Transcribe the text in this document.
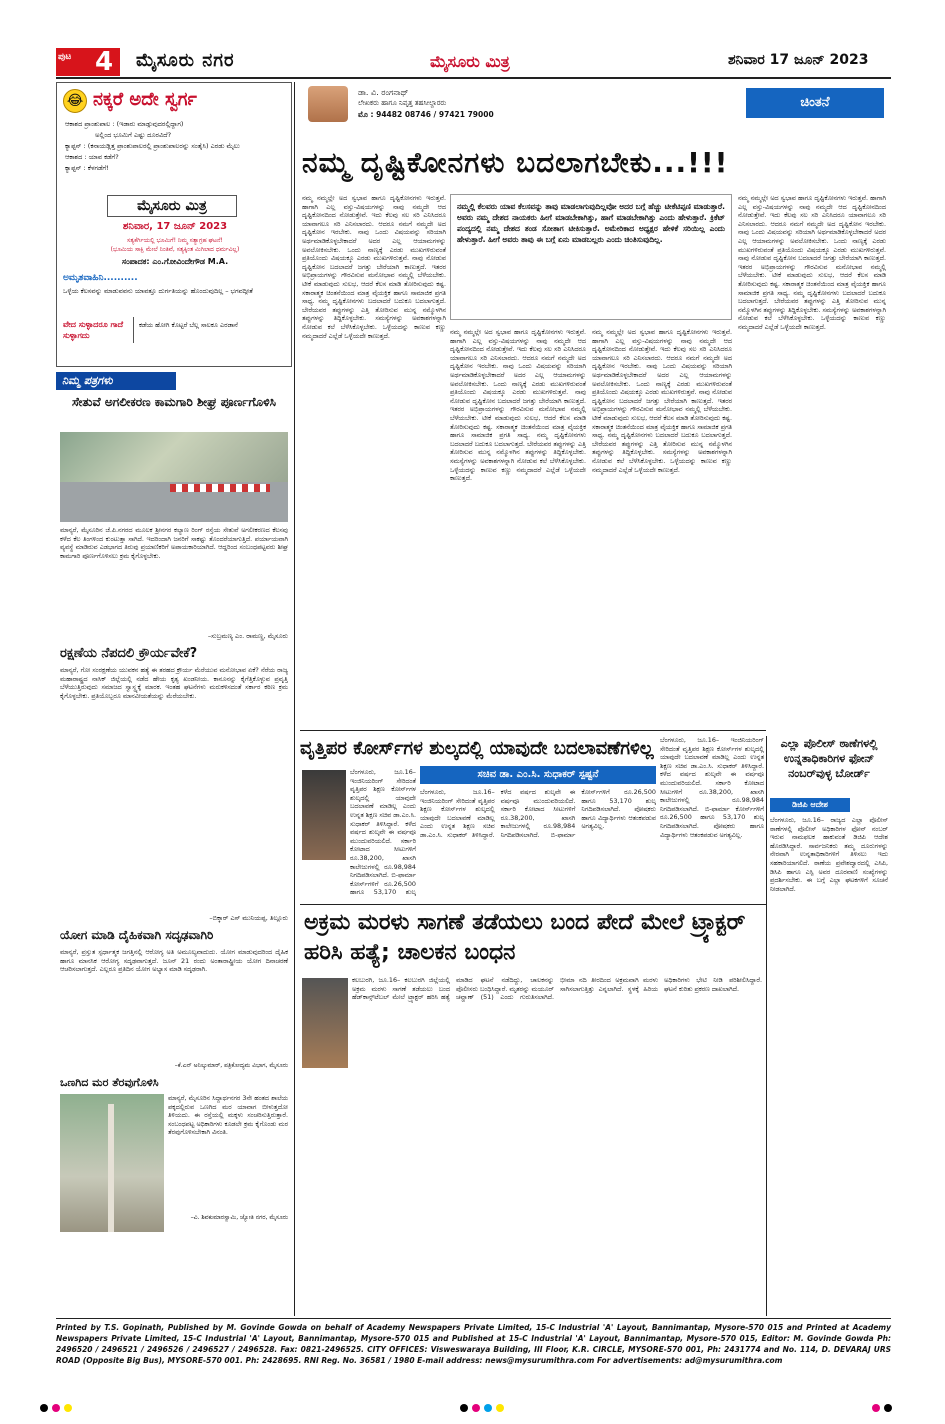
ಪುಟ 4	ಮೈಸೂರು ನಗರ	ಮೈಸೂರು ಮಿತ್ರ	ಶನಿವಾರ 17 ಜೂನ್ 2023
😂 ನಕ್ಕರೆ ಅದೇ ಸ್ವರ್ಗ
ಆಕಾಶದ ಪ್ರಾಂಶುಪಾಲ : (ಇಡಾರು ಮಾಡ್ಗುವುದರಲ್ಲಿದ್ದಾಗ)
ಅಲ್ಲಿಂದ ಭೂಮಿಗೆ ಎಷ್ಟು ದೂರವಿದೆ?
ಕ್ಯಾಪ್ಟನ್ : (ಕನಾಯಡ್ಲಿತ್ತ ಪ್ರಾಂಶುಪಾಲರಲ್ಲಿ ಪ್ರಾಂಶುಪಾಲರನ್ನು ಸಂತೈಸಿ) ಎರಡು ಮೈಲು
ಆಕಾಶದ : ಯಾವ ಕಡೆಗೆ?
ಕ್ಯಾಪ್ಟನ್ : ಕೆಳಗಡೆಗೆ!
ಮೈಸೂರು ಮಿತ್ರ
ಶನಿವಾರ, 17 ಜೂನ್ 2023
ಸತ್ಯಕೆರ್ಗಿಯಲ್ಲಿ ಭೂಮಿಗೆ! ನಿಮ್ಮ ಸತ್ಯಾಗ್ರಹ ಘಟನೆ!
(ಭೂಮಿಯ ಸಾಕ್ಷಿ ಮೇಲೆ ನಿಂತಿವೆ, ಸತ್ಯಕ್ಕಿಂತ ಮಿಗಿಲಾದ ಧರ್ಮವಿಲ್ಲ)
ಸಂಪಾದಕ: ಎಂ.ಗೋವಿಂದೇಗೌಡ M.A.
ಅಮೃತವಾಹಿನಿ..........
ಒಳ್ಳೆಯ ಕೆಲಸವನ್ನು ಮಾಡುವವನು ಯಾವತ್ತೂ ದುರ್ಗತಿಯನ್ನು ಹೊಂದುವುದಿಲ್ಲ – ಭಗವದ್ಗೀತೆ
ವೇದ ಸುಳ್ಳಾದರೂ ಗಾದೆ ಸುಳ್ಳಾಗದು
ಕಡೆಯ ಹೋಗಿ ಕೊಟ್ಟರೆ ಬೆಲ್ಲ ಸಾಲಕೂ ಎರಡಾನೆ
ನಿಮ್ಮ ಪತ್ರಗಳು
ಸೇತುವೆ ಅಗಲೀಕರಣ ಕಾಮಗಾರಿ ಶೀಘ್ರ ಪೂರ್ಣಗೊಳಿಸಿ
ಮಾನ್ಯರೆ, ಮೈಸೂರಿನ ಜೆ.ಪಿ.ನಗರದ ಮೂಲಕ ಶ್ರೀನಗರ ಕಲ್ಯಾಣ ರಿಂಗ್ ರಸ್ತೆಯ ಸೇತುವೆ ಅಗಲೀಕರಣದ ಕೆಲಸವು ಕಳೆದ ಕೆಲ ತಿಂಗಳಿಂದ ಕುಂಟುತ್ತಾ ಸಾಗಿದೆ. ಇದರಿಂದಾಗಿ ಜನರಿಗೆ ಸಾಕಷ್ಟು ತೊಂದರೆಯಾಗುತ್ತಿದೆ. ಪರ್ಯಾಯವಾಗಿ ವ್ಯವಸ್ಥೆ ಮಾಡಿರುವ ಎಡಭಾಗದ ತಿರುವು ಪ್ರಯಾಣಿಕರಿಗೆ ಅಪಾಯಕಾರಿಯಾಗಿದೆ. ಆದ್ದರಿಂದ ಸಂಬಂಧಪಟ್ಟವರು ಶೀಘ್ರ ಕಾಮಗಾರಿ ಪೂರ್ಣಗೊಳಿಸಲು ಕ್ರಮ ಕೈಗೊಳ್ಳಬೇಕು.
–ಸುಬ್ರಮಣ್ಯ ಎಂ. ರಾಮಣ್ಣ, ಮೈಸೂರು
ರಕ್ಷಣೆಯ ನೆಪದಲಿ ಕ್ರೌರ್ಯವೇಕೆ?
ಮಾನ್ಯರೆ, ಗೋ ಸಂರಕ್ಷಣೆಯ ಯುವಕನ ಹತ್ಯೆ ಈ ತರಹದ ಕ್ರೌರ್ಯ ಮೆರೆಯುವ ಮನೋಭಾವ ಏಕೆ? ನೆರೆಯ ರಾಜ್ಯ ಮಹಾರಾಷ್ಟ್ರದ ನಾಸಿಕ್ ಜಿಲ್ಲೆಯಲ್ಲಿ ನಡೆದ ಹೇಯ ಕೃತ್ಯ ಖಂಡನೀಯ. ಕಾನೂನನ್ನು ಕೈಗೆತ್ತಿಕೊಳ್ಳುವ ಪ್ರವೃತ್ತಿ ಬೆಳೆಯುತ್ತಿರುವುದು ಸಮಾಜದ ಸ್ವಾಸ್ಥ್ಯಕ್ಕೆ ಮಾರಕ. ಇಂತಹ ಘಟನೆಗಳು ಮರುಕಳಿಸದಂತೆ ಸರ್ಕಾರ ಕಠಿಣ ಕ್ರಮ ಕೈಗೊಳ್ಳಬೇಕು. ಪ್ರತಿಯೊಬ್ಬರೂ ಮಾನವೀಯತೆಯನ್ನು ಮೆರೆಯಬೇಕು.
–ಬಿಕ್ಕಾರ್ ಎಸ್ ಮುನಿಯಪ್ಪ, ತಿಲ್ಲೂರು
ಯೋಗ ಮಾಡಿ ದೈಹಿಕವಾಗಿ ಸದೃಢವಾಗಿರಿ
ಮಾನ್ಯರೆ, ಪ್ರಸ್ತುತ ಸ್ಪರ್ಧಾತ್ಮಕ ಜಗತ್ತಿನಲ್ಲಿ ಆರೋಗ್ಯ ಅತಿ ಅಮೂಲ್ಯವಾದುದು. ಯೋಗ ಮಾಡುವುದರಿಂದ ದೈಹಿಕ ಹಾಗೂ ಮಾನಸಿಕ ಆರೋಗ್ಯ ಸದೃಢವಾಗುತ್ತದೆ. ಜೂನ್ 21 ರಂದು ಅಂತಾರಾಷ್ಟ್ರೀಯ ಯೋಗ ದಿನಾಚರಣೆ ಆಚರಿಸಲಾಗುತ್ತದೆ. ಎಲ್ಲರೂ ಪ್ರತಿದಿನ ಯೋಗ ಅಭ್ಯಾಸ ಮಾಡಿ ಸದೃಢರಾಗಿ.
–ಕೆ.ಎನ್ ಅನಿಲ್ಕುಮಾರ್, ಪತ್ರಿಕೋದ್ಯಮ ವಿಭಾಗ, ಮೈಸೂರು
ಒಣಗಿದ ಮರ ತೆರವುಗೊಳಿಸಿ
ಮಾನ್ಯರೆ, ಮೈಸೂರಿನ ಸಿದ್ದಾರ್ಥನಗರ 3ನೇ ಹಂತದ ಶಾಲೆಯ ಪಕ್ಕದಲ್ಲಿರುವ ಒಣಗಿದ ಮರ ಯಾವಾಗ ಬೀಳುತ್ತದೋ ತಿಳಿಯದು. ಈ ರಸ್ತೆಯಲ್ಲಿ ಮಕ್ಕಳು ಸಂಚರಿಸುತ್ತಿರುತ್ತಾರೆ. ಸಂಬಂಧಪಟ್ಟ ಅಧಿಕಾರಿಗಳು ಕೂಡಲೇ ಕ್ರಮ ಕೈಗೊಂಡು ಮರ ತೆರವುಗೊಳಿಸಬೇಕಾಗಿ ವಿನಂತಿ.
–ವಿ. ಶಿವಕುಮಾರಸ್ವಾಮಿ, ಜ್ಯೋತಿ ನಗರ, ಮೈಸೂರು
ಡಾ. ವಿ. ರಂಗನಾಥ್
ಲೇಖಕರು ಹಾಗೂ ನಿವೃತ್ತ ತಹಸೀಲ್ದಾರರು
ಮೊ : 94482 08746 / 97421 79000
ಚಿಂತನೆ
ನಮ್ಮ ದೃಷ್ಟಿಕೋನಗಳು ಬದಲಾಗಬೇಕು...!!!
ನಮ್ಮ ನಮ್ಮಲ್ಲೇ ಅದ ಸ್ವಭಾವ ಹಾಗೂ ದೃಷ್ಟಿಕೋನಗಳು ಇರುತ್ತವೆ. ಹಾಗಾಗಿ ಎಲ್ಲ ವಸ್ತು-ವಿಷಯಗಳನ್ನು ನಾವು ನಮ್ಮದೇ ಆದ ದೃಷ್ಟಿಕೋನದಿಂದ ನೋಡುತ್ತೇವೆ. ಇದು ಕೆಲವು ಸಲ ಸರಿ ಎನಿಸಿದರೂ ಯಾವಾಗಲೂ ಸರಿ ಎನಿಸಲಾರದು. ಆದರೂ ನಮಗೆ ನಮ್ಮದೇ ಅದ ದೃಷ್ಟಿಕೋನ ಇರಬೇಕು. ನಾವು ಒಂದು ವಿಷಯವನ್ನು ಸರಿಯಾಗಿ ಅರ್ಥಮಾಡಿಕೊಳ್ಳಬೇಕಾದರೆ ಅದರ ಎಲ್ಲ ಆಯಾಮಗಳನ್ನು ಅವಲೋಕಿಸಬೇಕು. ಒಂದು ನಾಣ್ಯಕ್ಕೆ ಎರಡು ಮುಖಗಳಿರುವಂತೆ ಪ್ರತಿಯೊಂದು ವಿಷಯಕ್ಕೂ ಎರಡು ಮುಖಗಳಿರುತ್ತವೆ. ನಾವು ನೋಡುವ ದೃಷ್ಟಿಕೋನ ಬದಲಾದರೆ ಜಗತ್ತು ಬೇರೆಯಾಗಿ ಕಾಣುತ್ತದೆ. ಇತರರ ಅಭಿಪ್ರಾಯಗಳನ್ನು ಗೌರವಿಸುವ ಮನೋಭಾವ ನಮ್ಮಲ್ಲಿ ಬೆಳೆಯಬೇಕು. ಟೀಕೆ ಮಾಡುವುದು ಸುಲಭ, ಆದರೆ ಕೆಲಸ ಮಾಡಿ ತೋರಿಸುವುದು ಕಷ್ಟ. ಸಕಾರಾತ್ಮಕ ಚಿಂತನೆಯಿಂದ ಮಾತ್ರ ವೈಯಕ್ತಿಕ ಹಾಗೂ ಸಾಮಾಜಿಕ ಪ್ರಗತಿ ಸಾಧ್ಯ. ನಮ್ಮ ದೃಷ್ಟಿಕೋನಗಳು ಬದಲಾದರೆ ಬದುಕೂ ಬದಲಾಗುತ್ತದೆ. ಬೇರೆಯವರ ತಪ್ಪುಗಳನ್ನು ಎತ್ತಿ ತೋರಿಸುವ ಮುನ್ನ ನಮ್ಮೊಳಗಿನ ತಪ್ಪುಗಳನ್ನು ತಿದ್ದಿಕೊಳ್ಳಬೇಕು. ಸಮಸ್ಯೆಗಳನ್ನು ಅವಕಾಶಗಳನ್ನಾಗಿ ನೋಡುವ ಕಲೆ ಬೆಳೆಸಿಕೊಳ್ಳಬೇಕು. ಒಳ್ಳೆಯದನ್ನು ಕಾಣುವ ಕಣ್ಣು ನಮ್ಮದಾದರೆ ಎಲ್ಲೆಡೆ ಒಳ್ಳೆಯದೇ ಕಾಣುತ್ತದೆ.
ನಮ್ಮಲ್ಲಿ ಕೆಲವರು ಯಾವ ಕೆಲಸವನ್ನು ತಾವು ಮಾಡಲಾಗುವುದಿಲ್ಲವೋ ಅದರ ಬಗ್ಗೆ ಹೆಚ್ಚು ಟೀಕೆಟಿಪ್ಪಣಿ ಮಾಡುತ್ತಾರೆ. ಅವರು ನಮ್ಮ ದೇಶದ ನಾಯಕರು ಹೀಗೆ ಮಾಡಬೇಕಾಗಿತ್ತು, ಹಾಗೆ ಮಾಡಬೇಕಾಗಿತ್ತು ಎಂದು ಹೇಳುತ್ತಾರೆ. ಕ್ರಿಕೆಟ್ ಪಂದ್ಯದಲ್ಲಿ ನಮ್ಮ ದೇಶದ ತಂಡ ಸೋತಾಗ ಟೀಕಿಸುತ್ತಾರೆ. ಅಮೇರಿಕಾದ ಅಧ್ಯಕ್ಷರ ಹೇಳಿಕೆ ಸರಿಯಿಲ್ಲ ಎಂದು ಹೇಳುತ್ತಾರೆ. ಹೀಗೆ ಅವರು ತಾವು ಈ ಬಗ್ಗೆ ಏನು ಮಾಡಬಲ್ಲರು ಎಂದು ಚಿಂತಿಸುವುದಿಲ್ಲ.
ನಮ್ಮ ನಮ್ಮಲ್ಲೇ ಅದ ಸ್ವಭಾವ ಹಾಗೂ ದೃಷ್ಟಿಕೋನಗಳು ಇರುತ್ತವೆ. ಹಾಗಾಗಿ ಎಲ್ಲ ವಸ್ತು-ವಿಷಯಗಳನ್ನು ನಾವು ನಮ್ಮದೇ ಆದ ದೃಷ್ಟಿಕೋನದಿಂದ ನೋಡುತ್ತೇವೆ. ಇದು ಕೆಲವು ಸಲ ಸರಿ ಎನಿಸಿದರೂ ಯಾವಾಗಲೂ ಸರಿ ಎನಿಸಲಾರದು. ಆದರೂ ನಮಗೆ ನಮ್ಮದೇ ಅದ ದೃಷ್ಟಿಕೋನ ಇರಬೇಕು. ನಾವು ಒಂದು ವಿಷಯವನ್ನು ಸರಿಯಾಗಿ ಅರ್ಥಮಾಡಿಕೊಳ್ಳಬೇಕಾದರೆ ಅದರ ಎಲ್ಲ ಆಯಾಮಗಳನ್ನು ಅವಲೋಕಿಸಬೇಕು. ಒಂದು ನಾಣ್ಯಕ್ಕೆ ಎರಡು ಮುಖಗಳಿರುವಂತೆ ಪ್ರತಿಯೊಂದು ವಿಷಯಕ್ಕೂ ಎರಡು ಮುಖಗಳಿರುತ್ತವೆ. ನಾವು ನೋಡುವ ದೃಷ್ಟಿಕೋನ ಬದಲಾದರೆ ಜಗತ್ತು ಬೇರೆಯಾಗಿ ಕಾಣುತ್ತದೆ. ಇತರರ ಅಭಿಪ್ರಾಯಗಳನ್ನು ಗೌರವಿಸುವ ಮನೋಭಾವ ನಮ್ಮಲ್ಲಿ ಬೆಳೆಯಬೇಕು. ಟೀಕೆ ಮಾಡುವುದು ಸುಲಭ, ಆದರೆ ಕೆಲಸ ಮಾಡಿ ತೋರಿಸುವುದು ಕಷ್ಟ. ಸಕಾರಾತ್ಮಕ ಚಿಂತನೆಯಿಂದ ಮಾತ್ರ ವೈಯಕ್ತಿಕ ಹಾಗೂ ಸಾಮಾಜಿಕ ಪ್ರಗತಿ ಸಾಧ್ಯ. ನಮ್ಮ ದೃಷ್ಟಿಕೋನಗಳು ಬದಲಾದರೆ ಬದುಕೂ ಬದಲಾಗುತ್ತದೆ. ಬೇರೆಯವರ ತಪ್ಪುಗಳನ್ನು ಎತ್ತಿ ತೋರಿಸುವ ಮುನ್ನ ನಮ್ಮೊಳಗಿನ ತಪ್ಪುಗಳನ್ನು ತಿದ್ದಿಕೊಳ್ಳಬೇಕು. ಸಮಸ್ಯೆಗಳನ್ನು ಅವಕಾಶಗಳನ್ನಾಗಿ ನೋಡುವ ಕಲೆ ಬೆಳೆಸಿಕೊಳ್ಳಬೇಕು. ಒಳ್ಳೆಯದನ್ನು ಕಾಣುವ ಕಣ್ಣು ನಮ್ಮದಾದರೆ ಎಲ್ಲೆಡೆ ಒಳ್ಳೆಯದೇ ಕಾಣುತ್ತದೆ.
ನಮ್ಮ ನಮ್ಮಲ್ಲೇ ಅದ ಸ್ವಭಾವ ಹಾಗೂ ದೃಷ್ಟಿಕೋನಗಳು ಇರುತ್ತವೆ. ಹಾಗಾಗಿ ಎಲ್ಲ ವಸ್ತು-ವಿಷಯಗಳನ್ನು ನಾವು ನಮ್ಮದೇ ಆದ ದೃಷ್ಟಿಕೋನದಿಂದ ನೋಡುತ್ತೇವೆ. ಇದು ಕೆಲವು ಸಲ ಸರಿ ಎನಿಸಿದರೂ ಯಾವಾಗಲೂ ಸರಿ ಎನಿಸಲಾರದು. ಆದರೂ ನಮಗೆ ನಮ್ಮದೇ ಅದ ದೃಷ್ಟಿಕೋನ ಇರಬೇಕು. ನಾವು ಒಂದು ವಿಷಯವನ್ನು ಸರಿಯಾಗಿ ಅರ್ಥಮಾಡಿಕೊಳ್ಳಬೇಕಾದರೆ ಅದರ ಎಲ್ಲ ಆಯಾಮಗಳನ್ನು ಅವಲೋಕಿಸಬೇಕು. ಒಂದು ನಾಣ್ಯಕ್ಕೆ ಎರಡು ಮುಖಗಳಿರುವಂತೆ ಪ್ರತಿಯೊಂದು ವಿಷಯಕ್ಕೂ ಎರಡು ಮುಖಗಳಿರುತ್ತವೆ. ನಾವು ನೋಡುವ ದೃಷ್ಟಿಕೋನ ಬದಲಾದರೆ ಜಗತ್ತು ಬೇರೆಯಾಗಿ ಕಾಣುತ್ತದೆ. ಇತರರ ಅಭಿಪ್ರಾಯಗಳನ್ನು ಗೌರವಿಸುವ ಮನೋಭಾವ ನಮ್ಮಲ್ಲಿ ಬೆಳೆಯಬೇಕು. ಟೀಕೆ ಮಾಡುವುದು ಸುಲಭ, ಆದರೆ ಕೆಲಸ ಮಾಡಿ ತೋರಿಸುವುದು ಕಷ್ಟ. ಸಕಾರಾತ್ಮಕ ಚಿಂತನೆಯಿಂದ ಮಾತ್ರ ವೈಯಕ್ತಿಕ ಹಾಗೂ ಸಾಮಾಜಿಕ ಪ್ರಗತಿ ಸಾಧ್ಯ. ನಮ್ಮ ದೃಷ್ಟಿಕೋನಗಳು ಬದಲಾದರೆ ಬದುಕೂ ಬದಲಾಗುತ್ತದೆ. ಬೇರೆಯವರ ತಪ್ಪುಗಳನ್ನು ಎತ್ತಿ ತೋರಿಸುವ ಮುನ್ನ ನಮ್ಮೊಳಗಿನ ತಪ್ಪುಗಳನ್ನು ತಿದ್ದಿಕೊಳ್ಳಬೇಕು. ಸಮಸ್ಯೆಗಳನ್ನು ಅವಕಾಶಗಳನ್ನಾಗಿ ನೋಡುವ ಕಲೆ ಬೆಳೆಸಿಕೊಳ್ಳಬೇಕು. ಒಳ್ಳೆಯದನ್ನು ಕಾಣುವ ಕಣ್ಣು ನಮ್ಮದಾದರೆ ಎಲ್ಲೆಡೆ ಒಳ್ಳೆಯದೇ ಕಾಣುತ್ತದೆ.
ನಮ್ಮ ನಮ್ಮಲ್ಲೇ ಅದ ಸ್ವಭಾವ ಹಾಗೂ ದೃಷ್ಟಿಕೋನಗಳು ಇರುತ್ತವೆ. ಹಾಗಾಗಿ ಎಲ್ಲ ವಸ್ತು-ವಿಷಯಗಳನ್ನು ನಾವು ನಮ್ಮದೇ ಆದ ದೃಷ್ಟಿಕೋನದಿಂದ ನೋಡುತ್ತೇವೆ. ಇದು ಕೆಲವು ಸಲ ಸರಿ ಎನಿಸಿದರೂ ಯಾವಾಗಲೂ ಸರಿ ಎನಿಸಲಾರದು. ಆದರೂ ನಮಗೆ ನಮ್ಮದೇ ಅದ ದೃಷ್ಟಿಕೋನ ಇರಬೇಕು. ನಾವು ಒಂದು ವಿಷಯವನ್ನು ಸರಿಯಾಗಿ ಅರ್ಥಮಾಡಿಕೊಳ್ಳಬೇಕಾದರೆ ಅದರ ಎಲ್ಲ ಆಯಾಮಗಳನ್ನು ಅವಲೋಕಿಸಬೇಕು. ಒಂದು ನಾಣ್ಯಕ್ಕೆ ಎರಡು ಮುಖಗಳಿರುವಂತೆ ಪ್ರತಿಯೊಂದು ವಿಷಯಕ್ಕೂ ಎರಡು ಮುಖಗಳಿರುತ್ತವೆ. ನಾವು ನೋಡುವ ದೃಷ್ಟಿಕೋನ ಬದಲಾದರೆ ಜಗತ್ತು ಬೇರೆಯಾಗಿ ಕಾಣುತ್ತದೆ. ಇತರರ ಅಭಿಪ್ರಾಯಗಳನ್ನು ಗೌರವಿಸುವ ಮನೋಭಾವ ನಮ್ಮಲ್ಲಿ ಬೆಳೆಯಬೇಕು. ಟೀಕೆ ಮಾಡುವುದು ಸುಲಭ, ಆದರೆ ಕೆಲಸ ಮಾಡಿ ತೋರಿಸುವುದು ಕಷ್ಟ. ಸಕಾರಾತ್ಮಕ ಚಿಂತನೆಯಿಂದ ಮಾತ್ರ ವೈಯಕ್ತಿಕ ಹಾಗೂ ಸಾಮಾಜಿಕ ಪ್ರಗತಿ ಸಾಧ್ಯ. ನಮ್ಮ ದೃಷ್ಟಿಕೋನಗಳು ಬದಲಾದರೆ ಬದುಕೂ ಬದಲಾಗುತ್ತದೆ. ಬೇರೆಯವರ ತಪ್ಪುಗಳನ್ನು ಎತ್ತಿ ತೋರಿಸುವ ಮುನ್ನ ನಮ್ಮೊಳಗಿನ ತಪ್ಪುಗಳನ್ನು ತಿದ್ದಿಕೊಳ್ಳಬೇಕು. ಸಮಸ್ಯೆಗಳನ್ನು ಅವಕಾಶಗಳನ್ನಾಗಿ ನೋಡುವ ಕಲೆ ಬೆಳೆಸಿಕೊಳ್ಳಬೇಕು. ಒಳ್ಳೆಯದನ್ನು ಕಾಣುವ ಕಣ್ಣು ನಮ್ಮದಾದರೆ ಎಲ್ಲೆಡೆ ಒಳ್ಳೆಯದೇ ಕಾಣುತ್ತದೆ.
ವೃತ್ತಿಪರ ಕೋರ್ಸ್‌ಗಳ ಶುಲ್ಕದಲ್ಲಿ ಯಾವುದೇ ಬದಲಾವಣೆಗಳಿಲ್ಲ
ಸಚಿವ ಡಾ. ಎಂ.ಸಿ. ಸುಧಾಕರ್ ಸ್ಪಷ್ಟನೆ
ಬೆಂಗಳೂರು, ಜೂ.16– ಇಂಜಿನಿಯರಿಂಗ್ ಸೇರಿದಂತೆ ವೃತ್ತಿಪರ ಶಿಕ್ಷಣ ಕೋರ್ಸ್‌ಗಳ ಶುಲ್ಕದಲ್ಲಿ ಯಾವುದೇ ಬದಲಾವಣೆ ಮಾಡಿಲ್ಲ ಎಂದು ಉನ್ನತ ಶಿಕ್ಷಣ ಸಚಿವ ಡಾ.ಎಂ.ಸಿ. ಸುಧಾಕರ್ ತಿಳಿಸಿದ್ದಾರೆ. ಕಳೆದ ವರ್ಷದ ಶುಲ್ಕವೇ ಈ ವರ್ಷವೂ ಮುಂದುವರಿಯಲಿದೆ. ಸರ್ಕಾರಿ ಕೋಟಾದ ಸೀಟುಗಳಿಗೆ ರೂ.38,200, ಖಾಸಗಿ ಕಾಲೇಜುಗಳಲ್ಲಿ ರೂ.98,984 ನಿಗದಿಪಡಿಸಲಾಗಿದೆ. ಬಿ-ಫಾರ್ಮಾ ಕೋರ್ಸ್‌ಗಳಿಗೆ ರೂ.26,500 ಹಾಗೂ 53,170 ಶುಲ್ಕ
ಬೆಂಗಳೂರು, ಜೂ.16– ಇಂಜಿನಿಯರಿಂಗ್ ಸೇರಿದಂತೆ ವೃತ್ತಿಪರ ಶಿಕ್ಷಣ ಕೋರ್ಸ್‌ಗಳ ಶುಲ್ಕದಲ್ಲಿ ಯಾವುದೇ ಬದಲಾವಣೆ ಮಾಡಿಲ್ಲ ಎಂದು ಉನ್ನತ ಶಿಕ್ಷಣ ಸಚಿವ ಡಾ.ಎಂ.ಸಿ. ಸುಧಾಕರ್ ತಿಳಿಸಿದ್ದಾರೆ. ಕಳೆದ ವರ್ಷದ ಶುಲ್ಕವೇ ಈ ವರ್ಷವೂ ಮುಂದುವರಿಯಲಿದೆ. ಸರ್ಕಾರಿ ಕೋಟಾದ ಸೀಟುಗಳಿಗೆ ರೂ.38,200, ಖಾಸಗಿ ಕಾಲೇಜುಗಳಲ್ಲಿ ರೂ.98,984 ನಿಗದಿಪಡಿಸಲಾಗಿದೆ. ಬಿ-ಫಾರ್ಮಾ ಕೋರ್ಸ್‌ಗಳಿಗೆ ರೂ.26,500 ಹಾಗೂ 53,170 ಶುಲ್ಕ ನಿಗದಿಪಡಿಸಲಾಗಿದೆ. ಪೋಷಕರು ಹಾಗೂ ವಿದ್ಯಾರ್ಥಿಗಳು ಆತಂಕಪಡುವ ಅಗತ್ಯವಿಲ್ಲ.
ಬೆಂಗಳೂರು, ಜೂ.16– ಇಂಜಿನಿಯರಿಂಗ್ ಸೇರಿದಂತೆ ವೃತ್ತಿಪರ ಶಿಕ್ಷಣ ಕೋರ್ಸ್‌ಗಳ ಶುಲ್ಕದಲ್ಲಿ ಯಾವುದೇ ಬದಲಾವಣೆ ಮಾಡಿಲ್ಲ ಎಂದು ಉನ್ನತ ಶಿಕ್ಷಣ ಸಚಿವ ಡಾ.ಎಂ.ಸಿ. ಸುಧಾಕರ್ ತಿಳಿಸಿದ್ದಾರೆ. ಕಳೆದ ವರ್ಷದ ಶುಲ್ಕವೇ ಈ ವರ್ಷವೂ ಮುಂದುವರಿಯಲಿದೆ. ಸರ್ಕಾರಿ ಕೋಟಾದ ಸೀಟುಗಳಿಗೆ ರೂ.38,200, ಖಾಸಗಿ ಕಾಲೇಜುಗಳಲ್ಲಿ ರೂ.98,984 ನಿಗದಿಪಡಿಸಲಾಗಿದೆ. ಬಿ-ಫಾರ್ಮಾ ಕೋರ್ಸ್‌ಗಳಿಗೆ ರೂ.26,500 ಹಾಗೂ 53,170 ಶುಲ್ಕ ನಿಗದಿಪಡಿಸಲಾಗಿದೆ. ಪೋಷಕರು ಹಾಗೂ ವಿದ್ಯಾರ್ಥಿಗಳು ಆತಂಕಪಡುವ ಅಗತ್ಯವಿಲ್ಲ.
ಎಲ್ಲಾ ಪೊಲೀಸ್ ಠಾಣೆಗಳಲ್ಲಿ ಉನ್ನತಾಧಿಕಾರಿಗಳ ಫೋನ್ ನಂಬರ್‌ವುಳ್ಳ ಬೋರ್ಡ್
ಡಿಜಿಪಿ ಆದೇಶ
ಬೆಂಗಳೂರು, ಜೂ.16– ರಾಜ್ಯದ ಎಲ್ಲಾ ಪೊಲೀಸ್ ಠಾಣೆಗಳಲ್ಲಿ ಪೊಲೀಸ್ ಅಧಿಕಾರಿಗಳ ಫೋನ್ ನಂಬರ್ ಇರುವ ನಾಮಫಲಕ ಹಾಕುವಂತೆ ಡಿಜಿಪಿ ಆದೇಶ ಹೊರಡಿಸಿದ್ದಾರೆ. ಸಾರ್ವಜನಿಕರು ತಮ್ಮ ದೂರುಗಳನ್ನು ನೇರವಾಗಿ ಉನ್ನತಾಧಿಕಾರಿಗಳಿಗೆ ತಿಳಿಸಲು ಇದು ಸಹಕಾರಿಯಾಗಲಿದೆ. ಠಾಣೆಯ ಪ್ರವೇಶದ್ವಾರದಲ್ಲಿ ಎಸಿಪಿ, ಡಿಸಿಪಿ ಹಾಗೂ ಎಸ್ಪಿ ಅವರ ದೂರವಾಣಿ ಸಂಖ್ಯೆಗಳನ್ನು ಪ್ರದರ್ಶಿಸಬೇಕು. ಈ ಬಗ್ಗೆ ಎಲ್ಲಾ ಘಟಕಗಳಿಗೆ ಸೂಚನೆ ನೀಡಲಾಗಿದೆ.
ಅಕ್ರಮ ಮರಳು ಸಾಗಣೆ ತಡೆಯಲು ಬಂದ ಪೇದೆ ಮೇಲೆ ಟ್ರ್ಯಾಕ್ಟರ್ ಹರಿಸಿ ಹತ್ಯೆ; ಚಾಲಕನ ಬಂಧನ
ಕಲಬುರಗಿ, ಜೂ.16– ಕಲಬುರಗಿ ಜಿಲ್ಲೆಯಲ್ಲಿ ಅಕ್ರಮ ಮರಳು ಸಾಗಣೆ ತಡೆಯಲು ಬಂದ ಹೆಡ್‌ಕಾನ್ಸ್‌ಟೆಬಲ್ ಮೇಲೆ ಟ್ರ್ಯಾಕ್ಟರ್ ಹರಿಸಿ ಹತ್ಯೆ ಮಾಡಿದ ಘಟನೆ ನಡೆದಿದ್ದು, ಚಾಲಕನನ್ನು ಪೊಲೀಸರು ಬಂಧಿಸಿದ್ದಾರೆ. ಮೃತರನ್ನು ಮಯೂರ್ ಚವ್ಹಾಣ್ (51) ಎಂದು ಗುರುತಿಸಲಾಗಿದೆ. ಭೀಮಾ ನದಿ ತೀರದಿಂದ ಅಕ್ರಮವಾಗಿ ಮರಳು ಸಾಗಿಸಲಾಗುತ್ತಿತ್ತು ಎನ್ನಲಾಗಿದೆ. ಸ್ಥಳಕ್ಕೆ ಹಿರಿಯ ಅಧಿಕಾರಿಗಳು ಭೇಟಿ ನೀಡಿ ಪರಿಶೀಲಿಸಿದ್ದಾರೆ. ಘಟನೆ ಕುರಿತು ಪ್ರಕರಣ ದಾಖಲಾಗಿದೆ.
Printed by T.S. Gopinath, Published by M. Govinde Gowda on behalf of Academy Newspapers Private Limited, 15-C Industrial 'A' Layout, Bannimantap, Mysore-570 015 and Printed at Academy Newspapers Private Limited, 15-C Industrial 'A' Layout, Bannimantap, Mysore-570 015 and Published at 15-C Industrial 'A' Layout, Bannimantap, Mysore-570 015, Editor: M. Govinde Gowda Ph: 2496520 / 2496521 / 2496526 / 2496527 / 2496528. Fax: 0821-2496525. CITY OFFICES: Visweswaraya Building, III Floor, K.R. CIRCLE, MYSORE-570 001, Ph: 2431774 and No. 114, D. DEVARAJ URS ROAD (Opposite Big Bus), MYSORE-570 001. Ph: 2428695. RNI Reg. No. 36581 / 1980 E-mail address: news@mysurumithra.com For advertisements: ad@mysurumithra.com
